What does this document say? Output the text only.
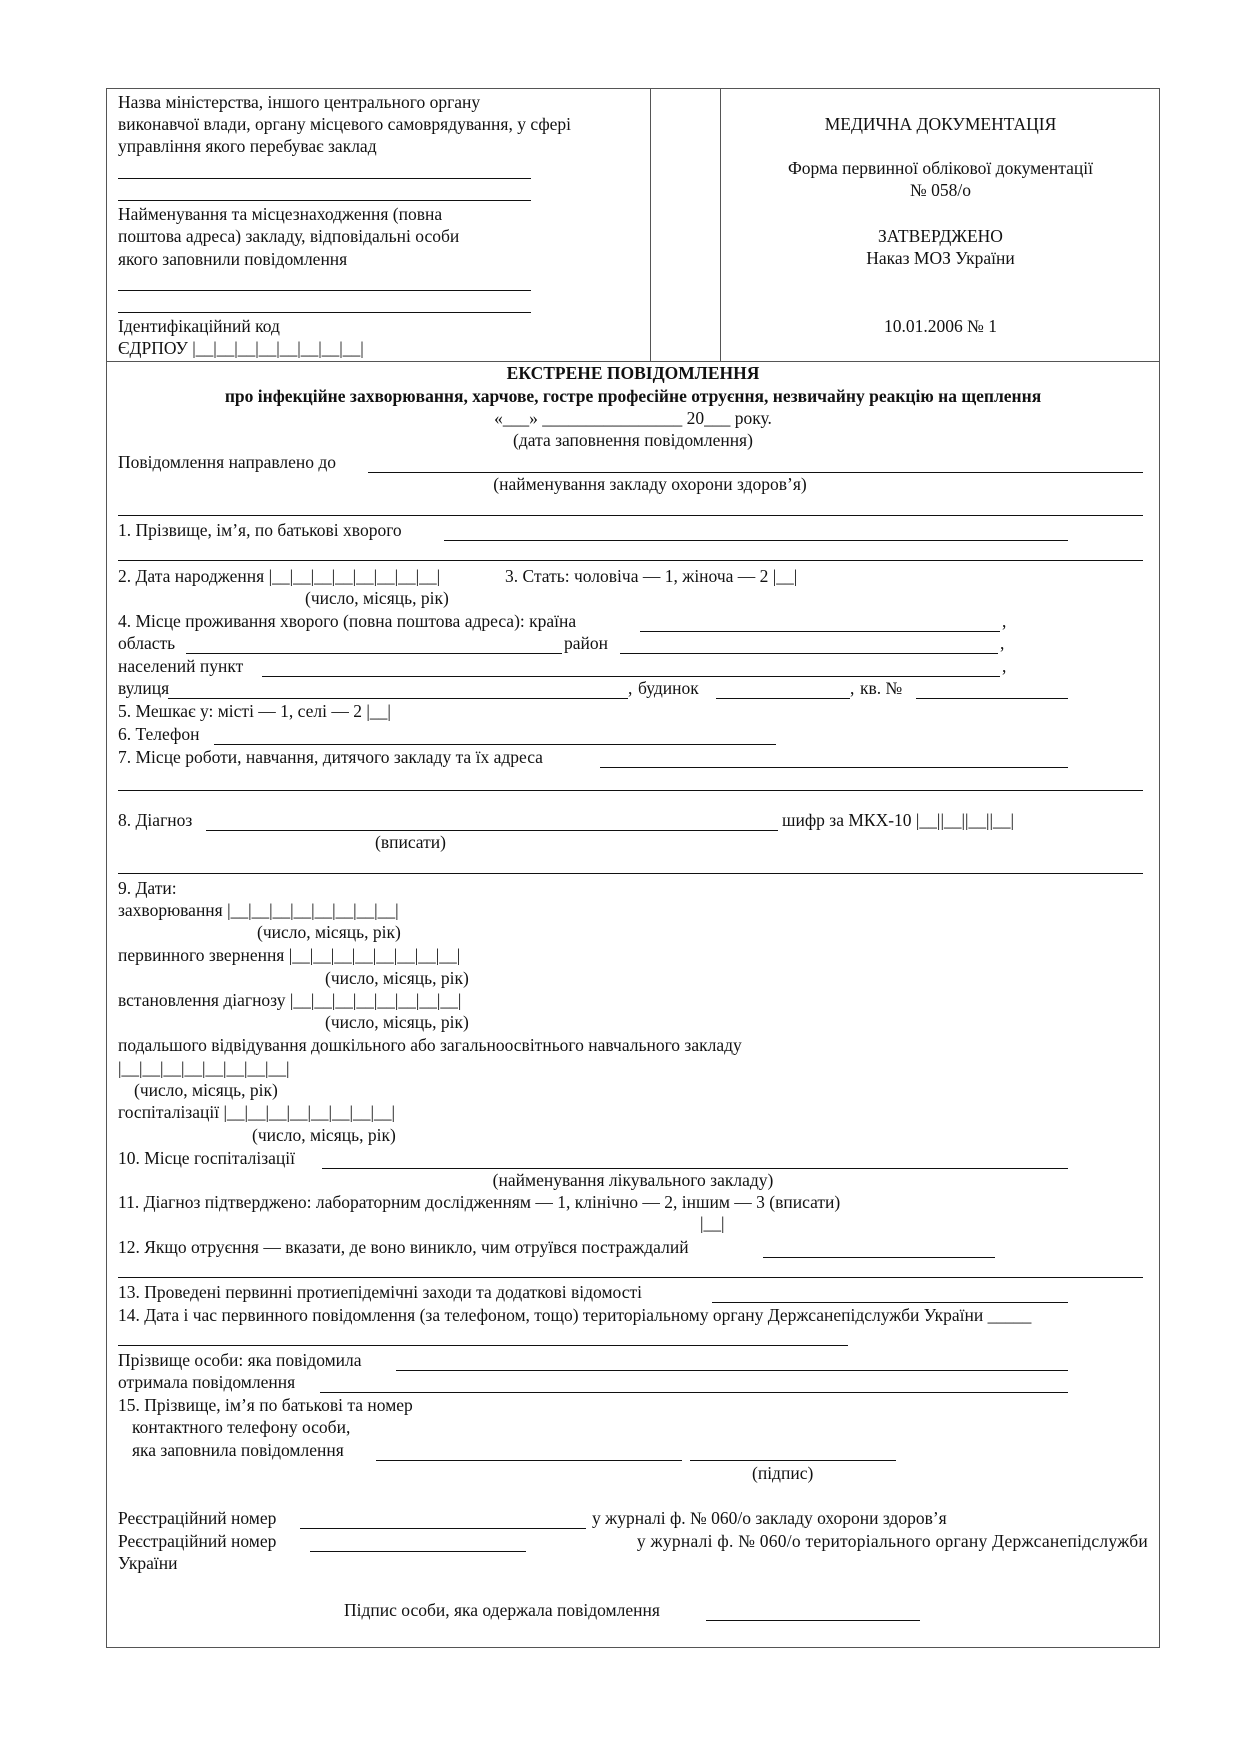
Назва міністерства, іншого центрального органу
виконавчої влади, органу місцевого самоврядування, у сфері
управління якого перебуває заклад
Найменування та місцезнаходження (повна
поштова адреса) закладу, відповідальні особи
якого заповнили повідомлення
Ідентифікаційний код
ЄДРПОУ |__|__|__|__|__|__|__|__|
МЕДИЧНА ДОКУМЕНТАЦІЯ
Форма первинної облікової документації
№ 058/о
ЗАТВЕРДЖЕНО
Наказ МОЗ України
10.01.2006 № 1
ЕКСТРЕНЕ ПОВІДОМЛЕННЯ
про інфекційне захворювання, харчове, гостре професійне отруєння, незвичайну реакцію на щеплення
«___» ________________ 20___ року.
(дата заповнення повідомлення)
Повідомлення направлено до
(найменування закладу охорони здоров’я)
1. Прізвище, ім’я, по батькові хворого
2. Дата народження |__|__|__|__|__|__|__|__|	3. Стать: чоловіча — 1, жіноча — 2 |__|
(число, місяць, рік)
4. Місце проживання хворого (повна поштова адреса): країна	,
область	район	,
населений пункт	,
вулиця	, будинок	, кв. №
5. Мешкає у: місті — 1, селі — 2 |__|
6. Телефон
7. Місце роботи, навчання, дитячого закладу та їх адреса
8. Діагноз	шифр за МКХ-10 |__||__||__||__|
(вписати)
9. Дати:
захворювання |__|__|__|__|__|__|__|__|
(число, місяць, рік)
первинного звернення |__|__|__|__|__|__|__|__|
(число, місяць, рік)
встановлення діагнозу |__|__|__|__|__|__|__|__|
(число, місяць, рік)
подальшого відвідування дошкільного або загальноосвітнього навчального закладу
|__|__|__|__|__|__|__|__|
(число, місяць, рік)
госпіталізації |__|__|__|__|__|__|__|__|
(число, місяць, рік)
10. Місце госпіталізації
(найменування лікувального закладу)
11. Діагноз підтверджено: лабораторним дослідженням — 1, клінічно — 2, іншим — 3 (вписати)
|__|
12. Якщо отруєння — вказати, де воно виникло, чим отруївся постраждалий
13. Проведені первинні протиепідемічні заходи та додаткові відомості
14. Дата і час первинного повідомлення (за телефоном, тощо) територіальному органу Держсанепідслужби України _____
Прізвище особи: яка повідомила
отримала повідомлення
15. Прізвище, ім’я по батькові та номер
контактного телефону особи,
яка заповнила повідомлення
(підпис)
Реєстраційний номер	у журналі ф. № 060/о закладу охорони здоров’я
Реєстраційний номер	у журналі ф. № 060/о територіального органу Держсанепідслужби
України
Підпис особи, яка одержала повідомлення
